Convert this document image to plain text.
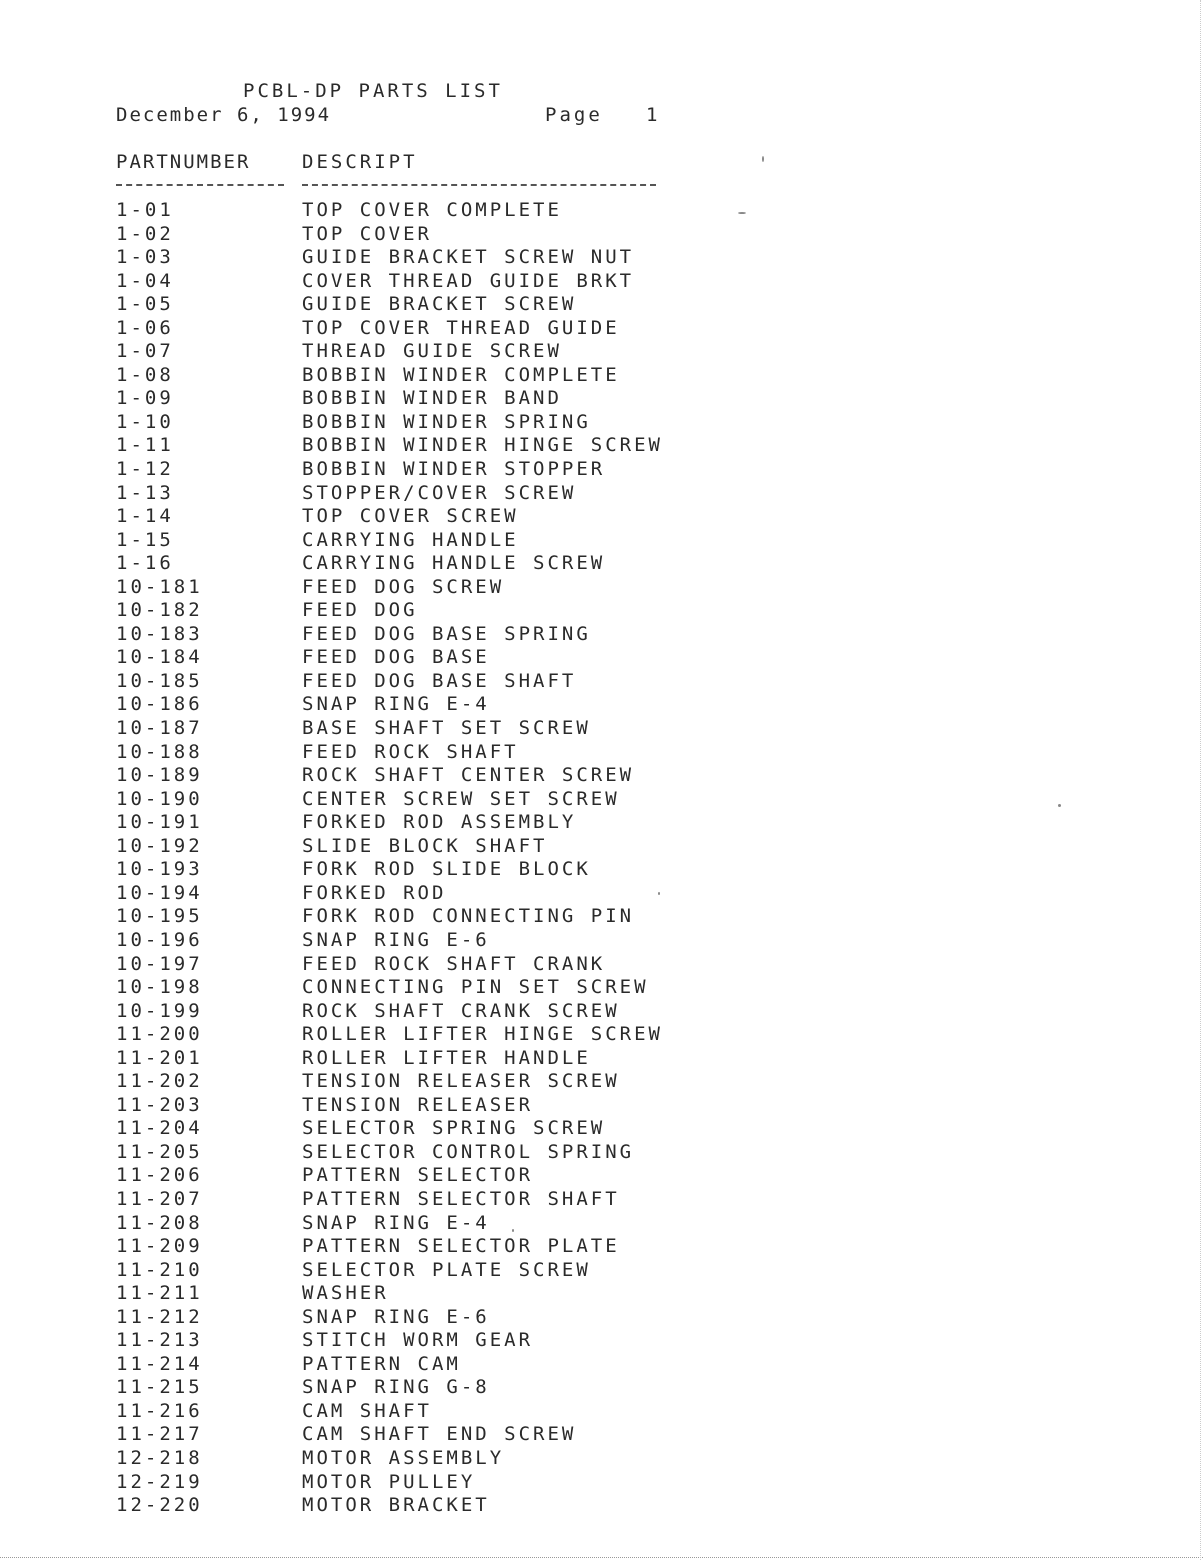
PCBL-DP PARTS LIST
December 6, 1994	Page 1
PARTNUMBER	DESCRIPT
1-01	TOP COVER COMPLETE
1-02	TOP COVER
1-03	GUIDE BRACKET SCREW NUT
1-04	COVER THREAD GUIDE BRKT
1-05	GUIDE BRACKET SCREW
1-06	TOP COVER THREAD GUIDE
1-07	THREAD GUIDE SCREW
1-08	BOBBIN WINDER COMPLETE
1-09	BOBBIN WINDER BAND
1-10	BOBBIN WINDER SPRING
1-11	BOBBIN WINDER HINGE SCREW
1-12	BOBBIN WINDER STOPPER
1-13	STOPPER/COVER SCREW
1-14	TOP COVER SCREW
1-15	CARRYING HANDLE
1-16	CARRYING HANDLE SCREW
10-181	FEED DOG SCREW
10-182	FEED DOG
10-183	FEED DOG BASE SPRING
10-184	FEED DOG BASE
10-185	FEED DOG BASE SHAFT
10-186	SNAP RING E-4
10-187	BASE SHAFT SET SCREW
10-188	FEED ROCK SHAFT
10-189	ROCK SHAFT CENTER SCREW
10-190	CENTER SCREW SET SCREW
10-191	FORKED ROD ASSEMBLY
10-192	SLIDE BLOCK SHAFT
10-193	FORK ROD SLIDE BLOCK
10-194	FORKED ROD
10-195	FORK ROD CONNECTING PIN
10-196	SNAP RING E-6
10-197	FEED ROCK SHAFT CRANK
10-198	CONNECTING PIN SET SCREW
10-199	ROCK SHAFT CRANK SCREW
11-200	ROLLER LIFTER HINGE SCREW
11-201	ROLLER LIFTER HANDLE
11-202	TENSION RELEASER SCREW
11-203	TENSION RELEASER
11-204	SELECTOR SPRING SCREW
11-205	SELECTOR CONTROL SPRING
11-206	PATTERN SELECTOR
11-207	PATTERN SELECTOR SHAFT
11-208	SNAP RING E-4
11-209	PATTERN SELECTOR PLATE
11-210	SELECTOR PLATE SCREW
11-211	WASHER
11-212	SNAP RING E-6
11-213	STITCH WORM GEAR
11-214	PATTERN CAM
11-215	SNAP RING G-8
11-216	CAM SHAFT
11-217	CAM SHAFT END SCREW
12-218	MOTOR ASSEMBLY
12-219	MOTOR PULLEY
12-220	MOTOR BRACKET
